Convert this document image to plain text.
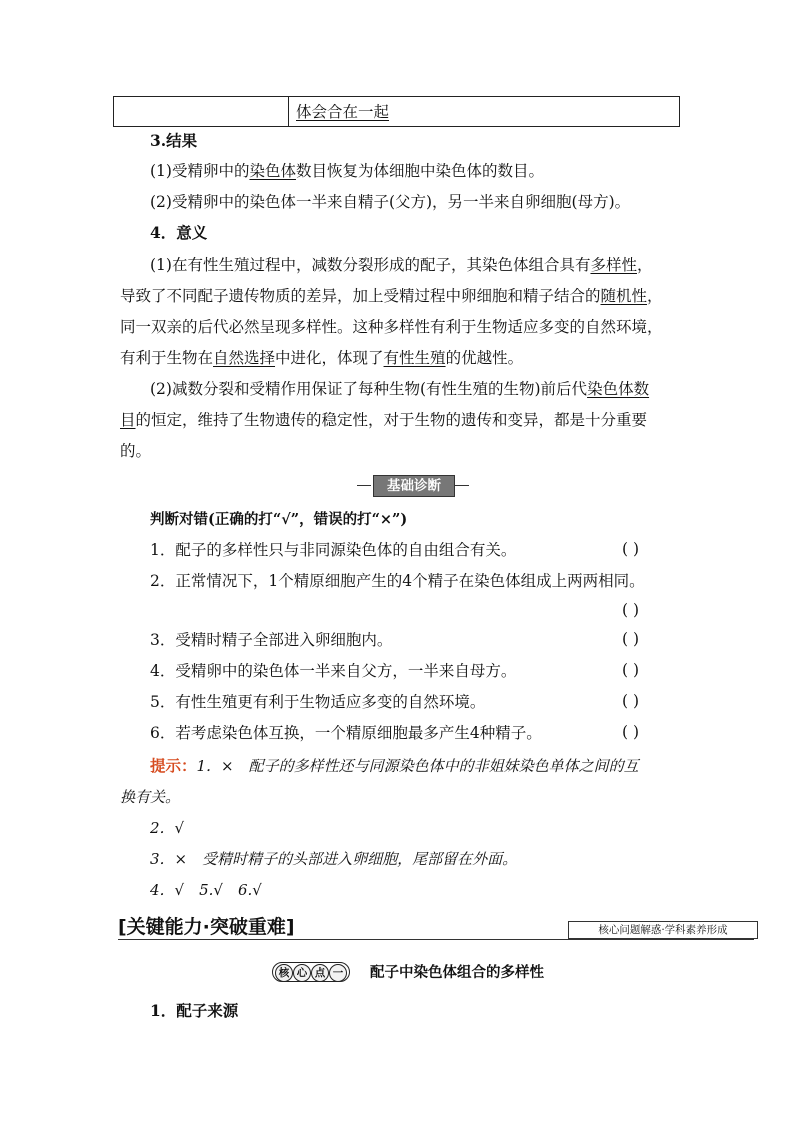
体会合在一起
3.结果
(1)受精卵中的染色体数目恢复为体细胞中染色体的数目。
(2)受精卵中的染色体一半来自精子(父方)，另一半来自卵细胞(母方)。
4．意义
(1)在有性生殖过程中，减数分裂形成的配子，其染色体组合具有多样性，
导致了不同配子遗传物质的差异，加上受精过程中卵细胞和精子结合的随机性，
同一双亲的后代必然呈现多样性。这种多样性有利于生物适应多变的自然环境，
有利于生物在自然选择中进化，体现了有性生殖的优越性。
(2)减数分裂和受精作用保证了每种生物(有性生殖的生物)前后代染色体数
目的恒定，维持了生物遗传的稳定性，对于生物的遗传和变异，都是十分重要
的。
基础诊断
判断对错(正确的打“√”，错误的打“×”)
1．配子的多样性只与非同源染色体的自由组合有关。	( )
2．正常情况下，1个精原细胞产生的4个精子在染色体组成上两两相同。
( )
3．受精时精子全部进入卵细胞内。	( )
4．受精卵中的染色体一半来自父方，一半来自母方。	( )
5．有性生殖更有利于生物适应多变的自然环境。	( )
6．若考虑染色体互换，一个精原细胞最多产生4种精子。	( )
提示：1．×　配子的多样性还与同源染色体中的非姐妹染色单体之间的互
换有关。
2．√
3．×　受精时精子的头部进入卵细胞，尾部留在外面。
4．√　5.√　6.√
[关键能力·突破重难]	核心问题解惑·学科素养形成
核 心 点 一 配子中染色体组合的多样性
1．配子来源
